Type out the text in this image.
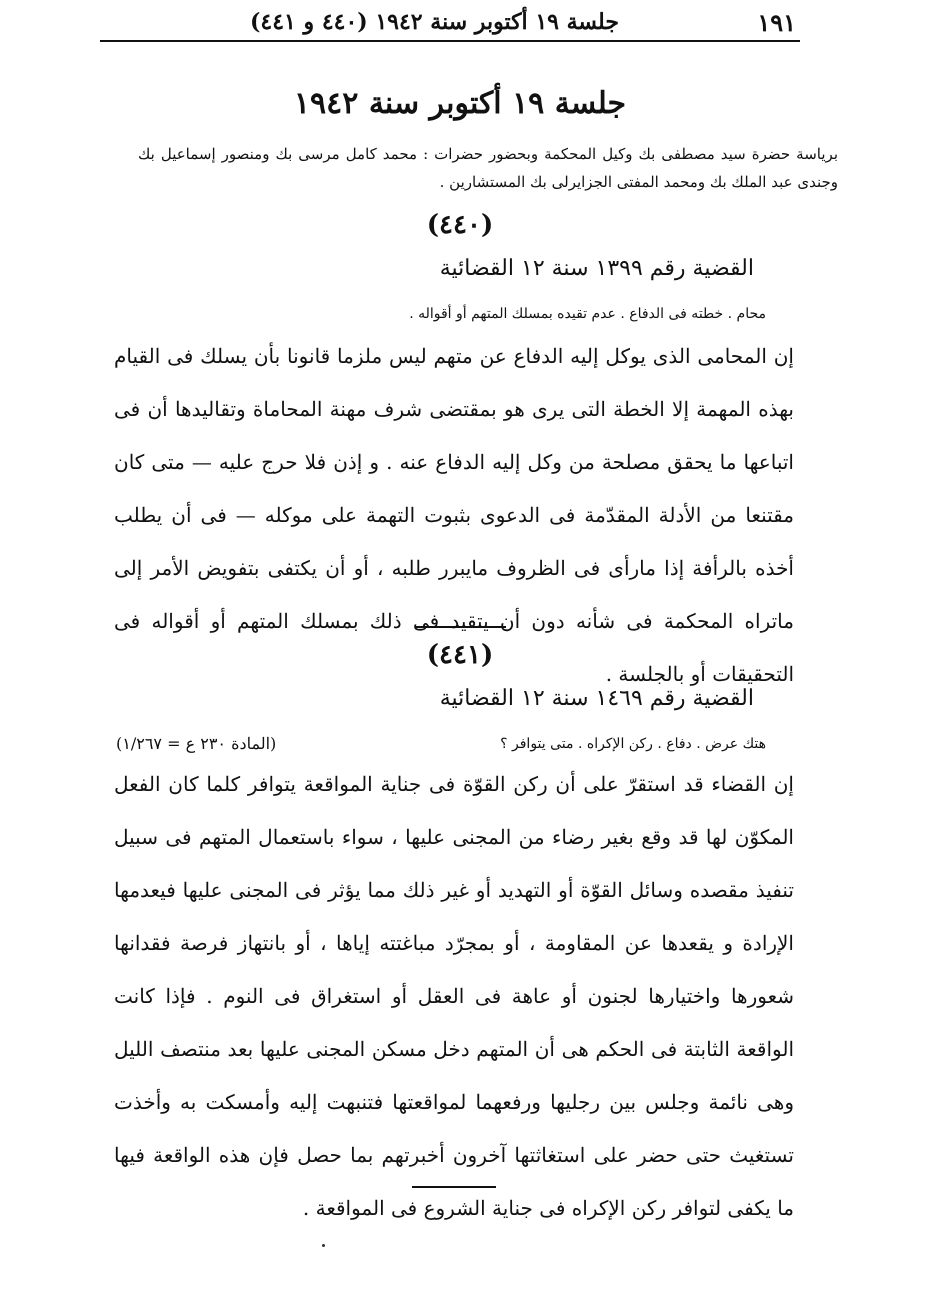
١٩١
جلسة ١٩ أكتوبر سنة ١٩٤٢ (٤٤٠ و ٤٤١)
جلسة ١٩ أكتوبر سنة ١٩٤٢
برياسة حضرة سيد مصطفى بك وكيل المحكمة وبحضور حضرات : محمد كامل مرسى بك ومنصور إسماعيل بك وجندى عبد الملك بك ومحمد المفتى الجزايرلى بك المستشارين .
(٤٤٠)
القضية رقم ١٣٩٩ سنة ١٢ القضائية
محام . خطته فى الدفاع . عدم تقيده بمسلك المتهم أو أقواله .
إن المحامى الذى يوكل إليه الدفاع عن متهم ليس ملزما قانونا بأن يسلك فى القيام بهذه المهمة إلا الخطة التى يرى هو بمقتضى شرف مهنة المحاماة وتقاليدها أن فى اتباعها ما يحقق مصلحة من وكل إليه الدفاع عنه . و إذن فلا حرج عليه — متى كان مقتنعا من الأدلة المقدّمة فى الدعوى بثبوت التهمة على موكله — فى أن يطلب أخذه بالرأفة إذا مارأى فى الظروف مايبرر طلبه ، أو أن يكتفى بتفويض الأمر إلى ماتراه المحكمة فى شأنه دون أن يتقيد فى ذلك بمسلك المتهم أو أقواله فى التحقيقات أو بالجلسة .
(٤٤١)
القضية رقم ١٤٦٩ سنة ١٢ القضائية
هتك عرض . دفاع . ركن الإكراه . متى يتوافر ؟
(المادة ٢٣٠ ع = ١/٢٦٧)
إن القضاء قد استقرّ على أن ركن القوّة فى جناية المواقعة يتوافر كلما كان الفعل المكوّن لها قد وقع بغير رضاء من المجنى عليها ، سواء باستعمال المتهم فى سبيل تنفيذ مقصده وسائل القوّة أو التهديد أو غير ذلك مما يؤثر فى المجنى عليها فيعدمها الإرادة و يقعدها عن المقاومة ، أو بمجرّد مباغتته إياها ، أو بانتهاز فرصة فقدانها شعورها واختيارها لجنون أو عاهة فى العقل أو استغراق فى النوم . فإذا كانت الواقعة الثابتة فى الحكم هى أن المتهم دخل مسكن المجنى عليها بعد منتصف الليل وهى نائمة وجلس بين رجليها ورفعهما لمواقعتها فتنبهت إليه وأمسكت به وأخذت تستغيث حتى حضر على استغاثتها آخرون أخبرتهم بما حصل فإن هذه الواقعة فيها ما يكفى لتوافر ركن الإكراه فى جناية الشروع فى المواقعة .
